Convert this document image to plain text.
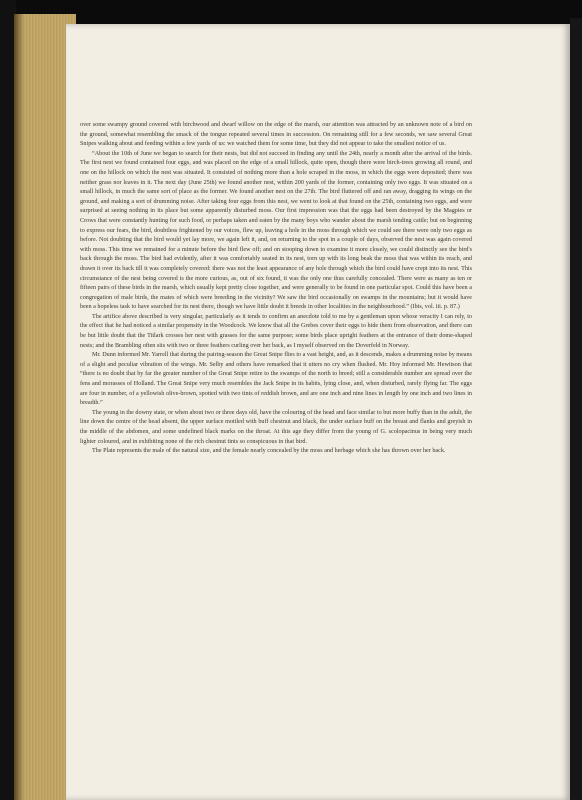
over some swampy ground covered with birchwood and dwarf willow on the edge of the marsh, our attention was attracted by an unknown note of a bird on the ground, somewhat resembling the smack of the tongue repeated several times in succession. On remaining still for a few seconds, we saw several Great Snipes walking about and feeding within a few yards of us: we watched them for some time, but they did not appear to take the smallest notice of us.

“About the 10th of June we began to search for their nests, but did not succeed in finding any until the 24th, nearly a month after the arrival of the birds. The first nest we found contained four eggs, and was placed on the edge of a small hillock, quite open, though there were birch-trees growing all round, and one on the hillock on which the nest was situated. It consisted of nothing more than a hole scraped in the moss, in which the eggs were deposited; there was neither grass nor leaves in it. The next day (June 25th) we found another nest, within 200 yards of the former, containing only two eggs. It was situated on a small hillock, in much the same sort of place as the former. We found another nest on the 27th. The bird fluttered off and ran away, dragging its wings on the ground, and making a sort of drumming noise. After taking four eggs from this nest, we went to look at that found on the 25th, containing two eggs, and were surprised at seeing nothing in its place but some apparently disturbed moss. Our first impression was that the eggs had been destroyed by the Magpies or Crows that were constantly hunting for such food, or perhaps taken and eaten by the many boys who wander about the marsh tending cattle; but on beginning to express our fears, the bird, doubtless frightened by our voices, flew up, leaving a hole in the moss through which we could see there were only two eggs as before. Not doubting that the bird would yet lay more, we again left it, and, on returning to the spot in a couple of days, observed the nest was again covered with moss. This time we remained for a minute before the bird flew off; and on stooping down to examine it more closely, we could distinctly see the bird's back through the moss. The bird had evidently, after it was comfortably seated in its nest, torn up with its long beak the moss that was within its reach, and drawn it over its back till it was completely covered: there was not the least appearance of any hole through which the bird could have crept into its nest. This circumstance of the nest being covered is the more curious, as, out of six found, it was the only one thus carefully concealed. There were as many as ten or fifteen pairs of these birds in the marsh, which usually kept pretty close together, and were generally to be found in one particular spot. Could this have been a congregation of male birds, the mates of which were breeding in the vicinity? We saw the bird occasionally on swamps in the mountains; but it would have been a hopeless task to have searched for its nest there, though we have little doubt it breeds in other localities in the neighbourhood.” (Ibis, vol. iii. p. 87.)

The artifice above described is very singular, particularly as it tends to confirm an anecdote told to me by a gentleman upon whose veracity I can rely, to the effect that he had noticed a similar propensity in the Woodcock. We know that all the Grebes cover their eggs to hide them from observation, and there can be but little doubt that the Titlark crosses her nest with grasses for the same purpose; some birds place upright feathers at the entrance of their dome-shaped nests; and the Brambling often sits with two or three feathers curling over her back, as I myself observed on the Doverfeld in Norway.

Mr. Dunn informed Mr. Yarrell that during the pairing-season the Great Snipe flies to a vast height, and, as it descends, makes a drumming noise by means of a slight and peculiar vibration of the wings. Mr. Selby and others have remarked that it utters no cry when flushed. Mr. Hoy informed Mr. Hewitson that “there is no doubt that by far the greater number of the Great Snipe retire to the swamps of the north to breed; still a considerable number are spread over the fens and morasses of Holland. The Great Snipe very much resembles the Jack Snipe in its habits, lying close, and, when disturbed, rarely flying far. The eggs are four in number, of a yellowish olive-brown, spotted with two tints of reddish brown, and are one inch and nine lines in length by one inch and two lines in breadth.”

The young in the downy state, or when about two or three days old, have the colouring of the head and face similar to but more buffy than in the adult, the line down the centre of the head absent, the upper surface mottled with buff chestnut and black, the under surface buff on the breast and flanks and greyish in the middle of the abdomen, and some undefined black marks on the throat. At this age they differ from the young of G. scolopacinus in being very much lighter coloured, and in exhibiting none of the rich chestnut tints so conspicuous in that bird.

The Plate represents the male of the natural size, and the female nearly concealed by the moss and herbage which she has thrown over her back.
